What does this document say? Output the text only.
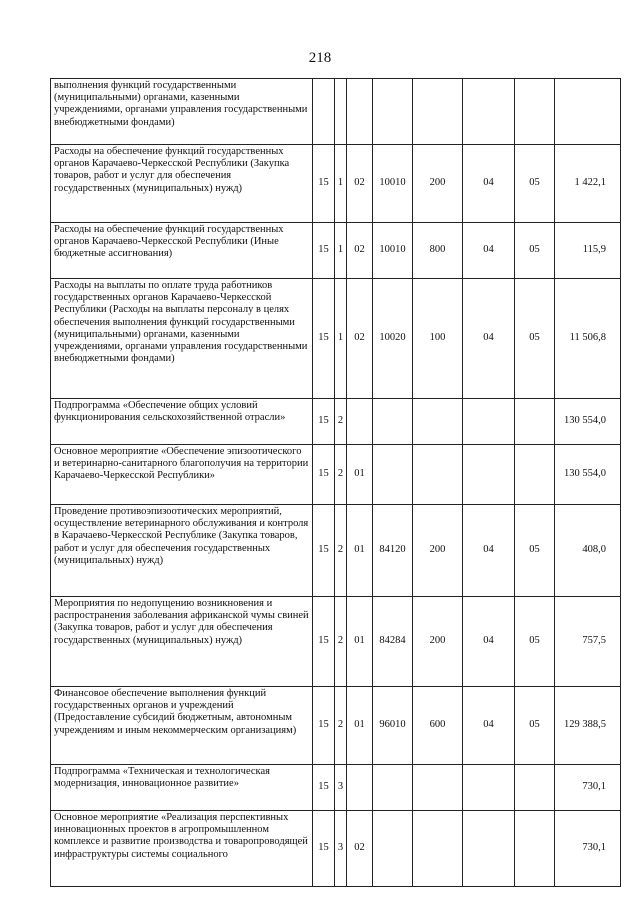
218
выполнения функций государственными (муниципальными) органами, казенными учреждениями, органами управления государственными внебюджетными фондами)								
Расходы на обеспечение функций государственных органов Карачаево-Черкесской Республики (Закупка товаров, работ и услуг для обеспечения государственных (муниципальных) нужд)	15	1	02	10010	200	04	05	1 422,1
Расходы на обеспечение функций государственных органов Карачаево-Черкесской Республики (Иные бюджетные ассигнования)	15	1	02	10010	800	04	05	115,9
Расходы на выплаты по оплате труда работников государственных органов Карачаево-Черкесской Республики (Расходы на выплаты персоналу в целях обеспечения выполнения функций государственными (муниципальными) органами, казенными учреждениями, органами управления государственными внебюджетными фондами)	15	1	02	10020	100	04	05	11 506,8
Подпрограмма «Обеспечение общих условий функционирования сельскохозяйственной отрасли»	15	2						130 554,0
Основное мероприятие «Обеспечение эпизоотического и ветеринарно-санитарного благополучия на территории Карачаево-Черкесской Республики»	15	2	01					130 554,0
Проведение противоэпизоотических мероприятий, осуществление ветеринарного обслуживания и контроля в Карачаево-Черкесской Республике (Закупка товаров, работ и услуг для обеспечения государственных (муниципальных) нужд)	15	2	01	84120	200	04	05	408,0
Мероприятия по недопущению возникновения и распространения заболевания африканской чумы свиней (Закупка товаров, работ и услуг для обеспечения государственных (муниципальных) нужд)	15	2	01	84284	200	04	05	757,5
Финансовое обеспечение выполнения функций государственных органов и учреждений (Предоставление субсидий бюджетным, автономным учреждениям и иным некоммерческим организациям)	15	2	01	96010	600	04	05	129 388,5
Подпрограмма «Техническая и технологическая модернизация, инновационное развитие»	15	3						730,1
Основное мероприятие «Реализация перспективных инновационных проектов в агропромышленном комплексе и развитие производства и товаропроводящей инфраструктуры системы социального	15	3	02					730,1
